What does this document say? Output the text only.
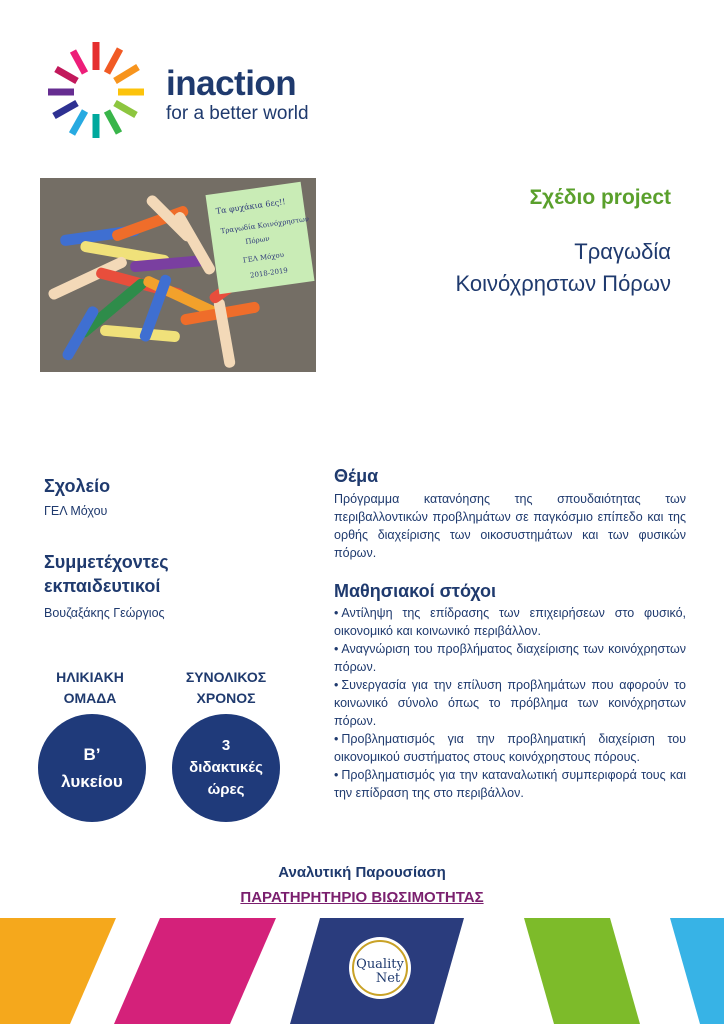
inaction
for a better world
Τα φυχάκια 6ες!!
Τραγωδία Κοινόχρηστων
Πόρων
ΓΕΛ Μόχου
2018-2019
Σχέδιο project
Τραγωδία
Κοινόχρηστων Πόρων
Σχολείο
ΓΕΛ Μόχου
Συμμετέχοντες
εκπαιδευτικοί
Βουζαξάκης Γεώργιος
ΗΛΙΚΙΑΚΗ
ΟΜΑΔΑ
ΣΥΝΟΛΙΚΟΣ
ΧΡΟΝΟΣ
Β’
λυκείου
3
διδακτικές
ώρες
Θέμα
Πρόγραμμα κατανόησης της σπουδαιότητας των περιβαλλοντικών προβλημάτων σε παγκόσμιο επίπεδο και της ορθής διαχείρισης των οικοσυστημάτων και των φυσικών πόρων.
Μαθησιακοί στόχοι
• Αντίληψη της επίδρασης των επιχειρήσεων στο φυσικό, οικονομικό και κοινωνικό περιβάλλον.
• Αναγνώριση του προβλήματος διαχείρισης των κοινόχρηστων πόρων.
• Συνεργασία για την επίλυση προβλημάτων που αφορούν το κοινωνικό σύνολο όπως το πρόβλημα των κοινόχρηστων πόρων.
• Προβληματισμός για την προβληματική διαχείριση του οικονομικού συστήματος στους κοινόχρηστους πόρους.
• Προβληματισμός για την καταναλωτική συμπεριφορά τους και την επίδραση της στο περιβάλλον.
Αναλυτική Παρουσίαση
ΠΑΡΑΤΗΡΗΤΗΡΙΟ ΒΙΩΣΙΜΟΤΗΤΑΣ
Quality
Net
